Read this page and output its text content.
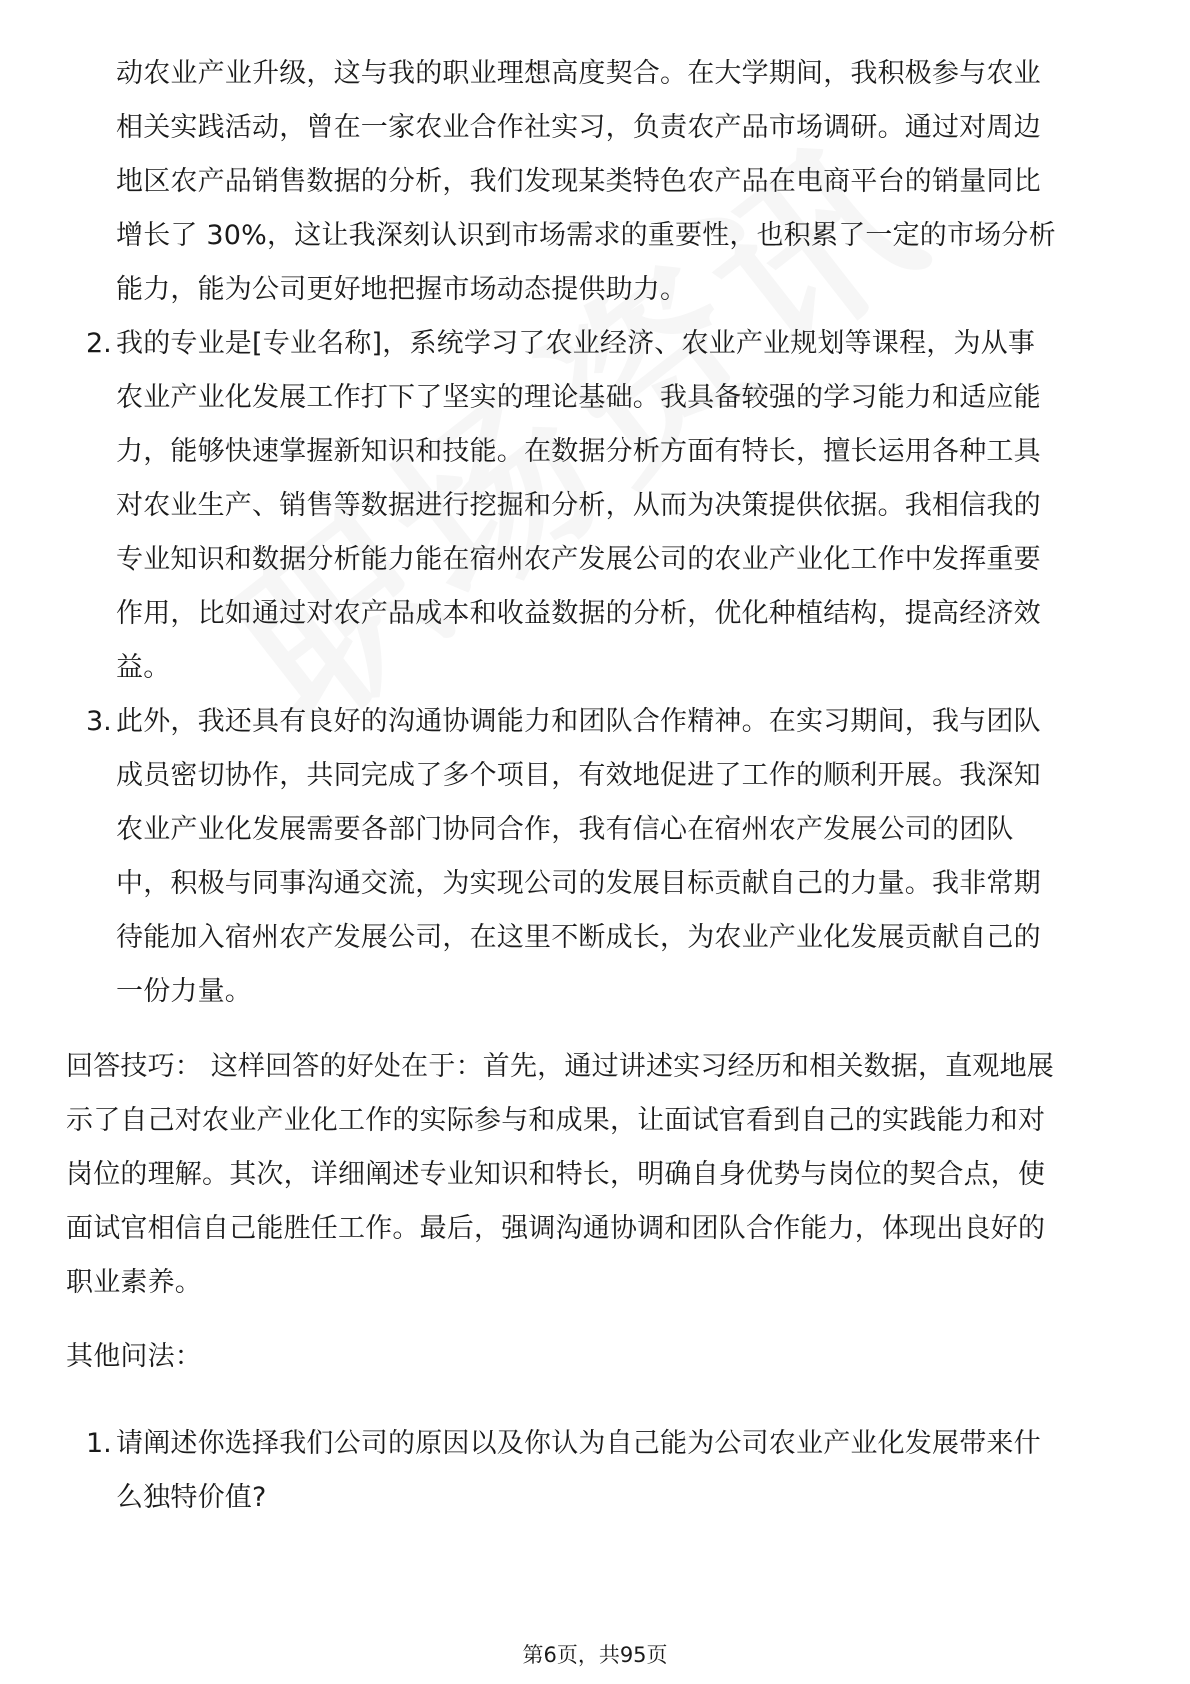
动农业产业升级，这与我的职业理想高度契合。在大学期间，我积极参与农业
相关实践活动，曾在一家农业合作社实习，负责农产品市场调研。通过对周边
地区农产品销售数据的分析，我们发现某类特色农产品在电商平台的销量同比
增长了 30%，这让我深刻认识到市场需求的重要性，也积累了一定的市场分析
能力，能为公司更好地把握市场动态提供助力。
2. 我的专业是[专业名称]，系统学习了农业经济、农业产业规划等课程，为从事
农业产业化发展工作打下了坚实的理论基础。我具备较强的学习能力和适应能
力，能够快速掌握新知识和技能。在数据分析方面有特长，擅长运用各种工具
对农业生产、销售等数据进行挖掘和分析，从而为决策提供依据。我相信我的
专业知识和数据分析能力能在宿州农产发展公司的农业产业化工作中发挥重要
作用，比如通过对农产品成本和收益数据的分析，优化种植结构，提高经济效
益。
3. 此外，我还具有良好的沟通协调能力和团队合作精神。在实习期间，我与团队
成员密切协作，共同完成了多个项目，有效地促进了工作的顺利开展。我深知
农业产业化发展需要各部门协同合作，我有信心在宿州农产发展公司的团队
中，积极与同事沟通交流，为实现公司的发展目标贡献自己的力量。我非常期
待能加入宿州农产发展公司，在这里不断成长，为农业产业化发展贡献自己的
一份力量。
回答技巧： 这样回答的好处在于：首先，通过讲述实习经历和相关数据，直观地展
示了自己对农业产业化工作的实际参与和成果，让面试官看到自己的实践能力和对
岗位的理解。其次，详细阐述专业知识和特长，明确自身优势与岗位的契合点，使
面试官相信自己能胜任工作。最后，强调沟通协调和团队合作能力，体现出良好的
职业素养。
其他问法：
1. 请阐述你选择我们公司的原因以及你认为自己能为公司农业产业化发展带来什
么独特价值?
第6页，共95页
